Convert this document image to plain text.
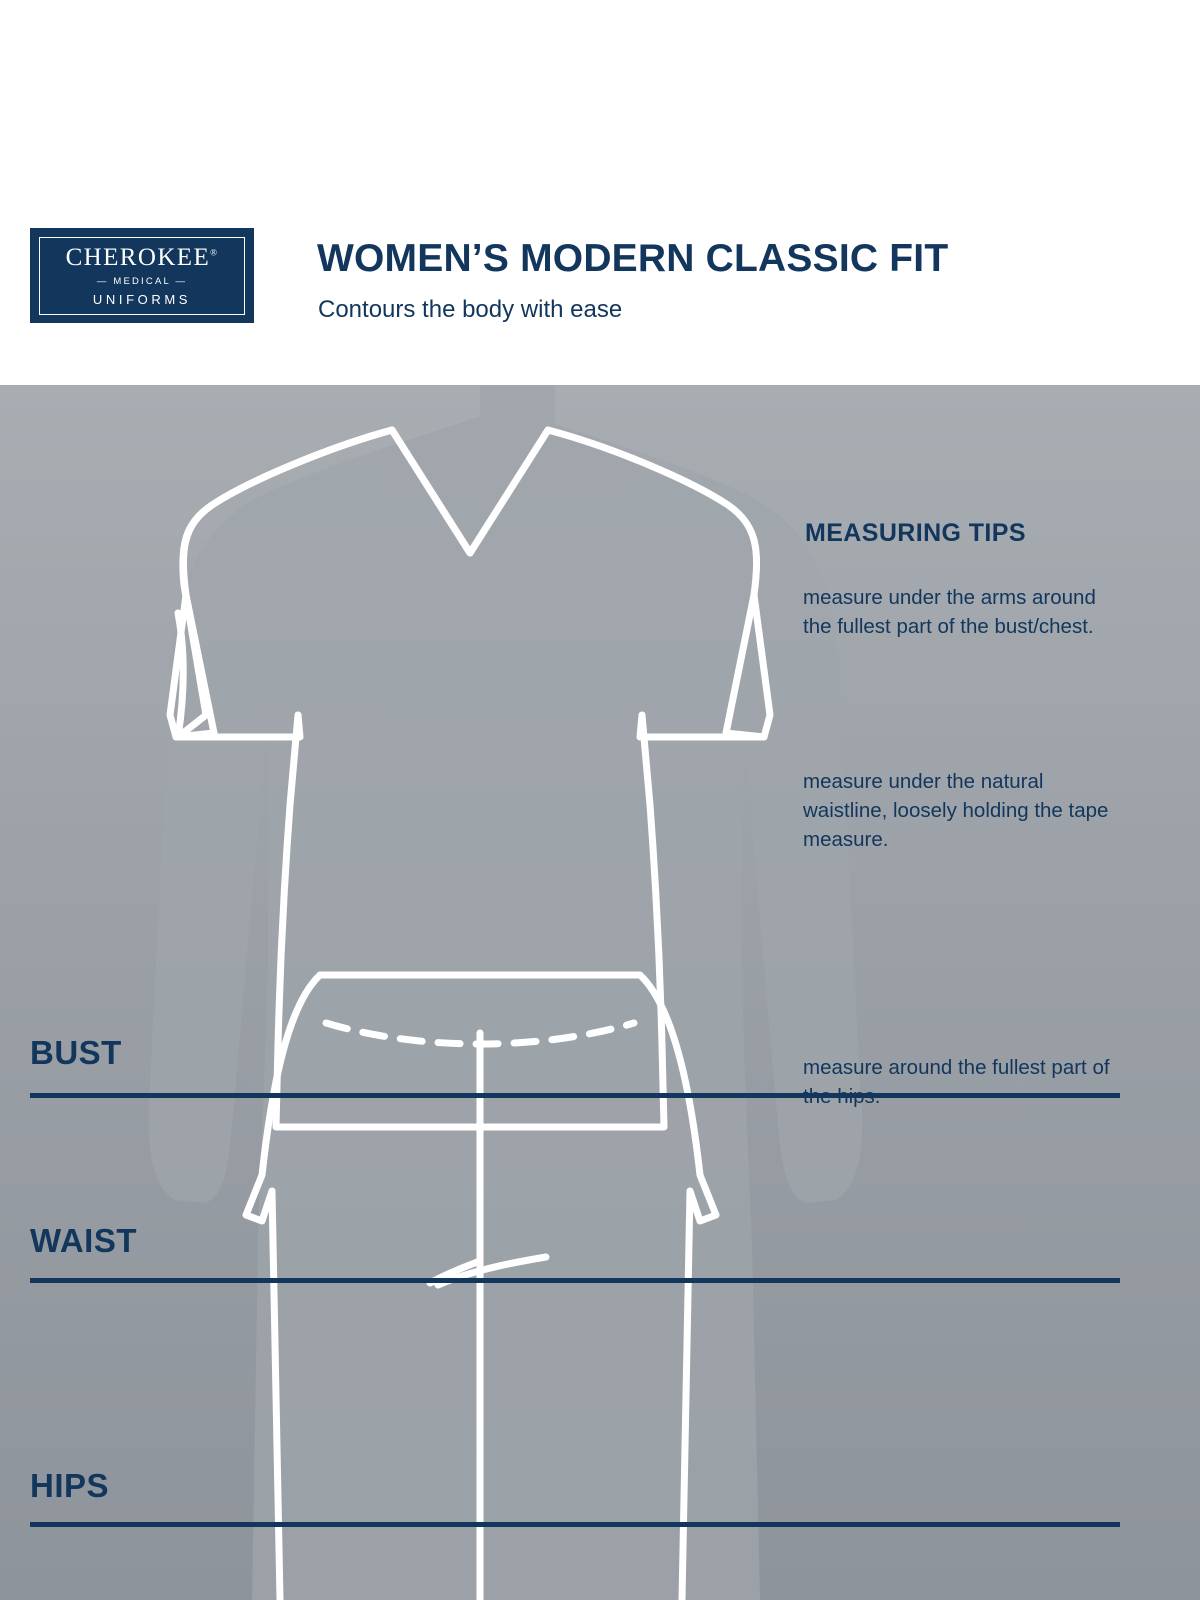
CHEROKEE®
— MEDICAL —
UNIFORMS
WOMEN’S MODERN CLASSIC FIT
Contours the body with ease
BUST
WAIST
HIPS
MEASURING TIPS
measure under the arms around the fullest part of the bust/chest.
measure under the natural waistline, loosely holding the tape measure.
measure around the fullest part of the hips.
